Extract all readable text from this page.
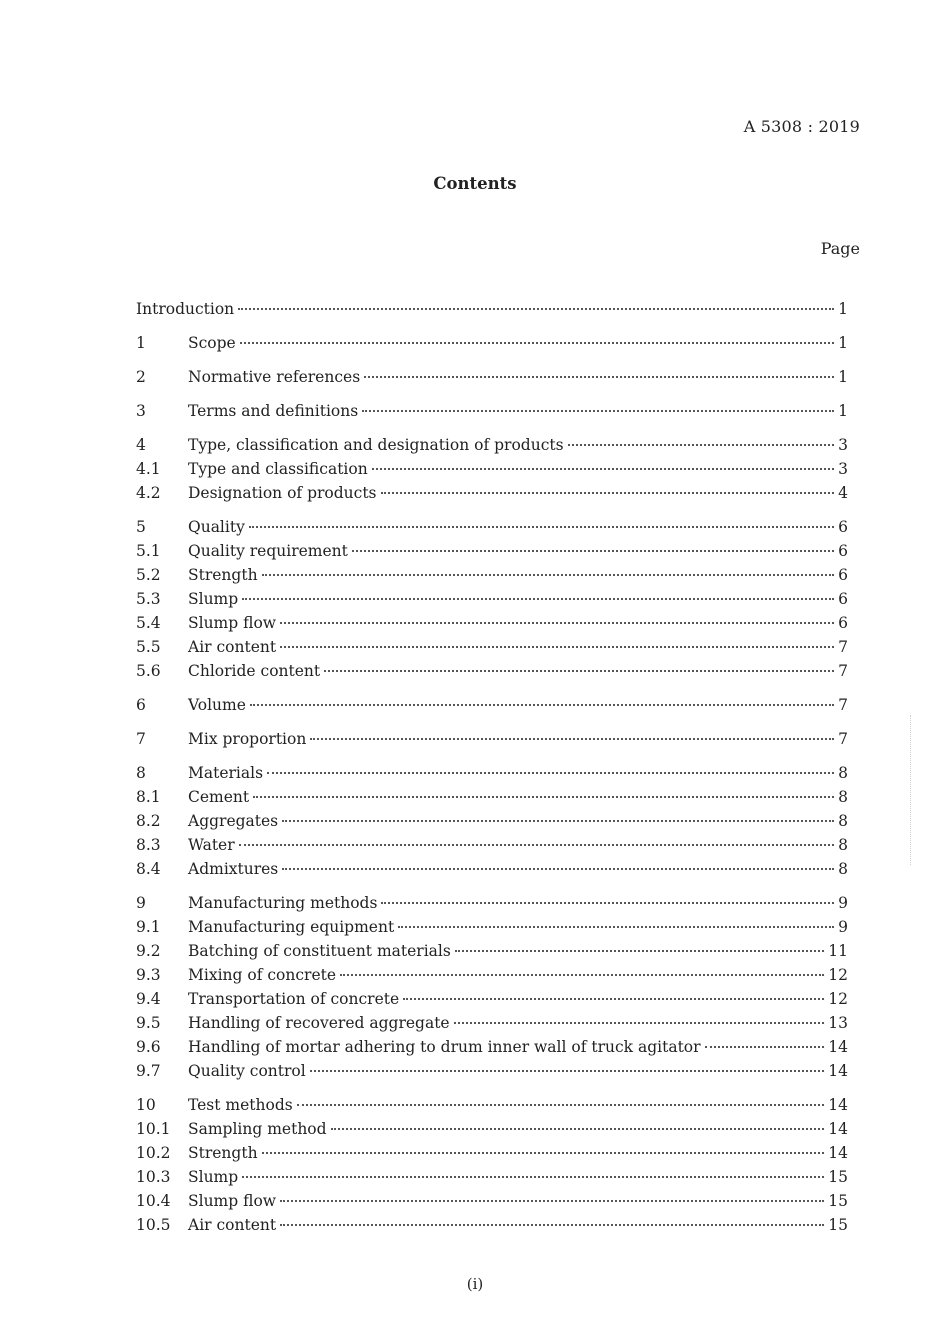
A 5308 : 2019
Contents
Page
Introduction	1
1	Scope	1
2	Normative references	1
3	Terms and definitions	1
4	Type, classification and designation of products	3
4.1	Type and classification	3
4.2	Designation of products	4
5	Quality	6
5.1	Quality requirement	6
5.2	Strength	6
5.3	Slump	6
5.4	Slump flow	6
5.5	Air content	7
5.6	Chloride content	7
6	Volume	7
7	Mix proportion	7
8	Materials	8
8.1	Cement	8
8.2	Aggregates	8
8.3	Water	8
8.4	Admixtures	8
9	Manufacturing methods	9
9.1	Manufacturing equipment	9
9.2	Batching of constituent materials	11
9.3	Mixing of concrete	12
9.4	Transportation of concrete	12
9.5	Handling of recovered aggregate	13
9.6	Handling of mortar adhering to drum inner wall of truck agitator	14
9.7	Quality control	14
10	Test methods	14
10.1	Sampling method	14
10.2	Strength	14
10.3	Slump	15
10.4	Slump flow	15
10.5	Air content	15
(i)
